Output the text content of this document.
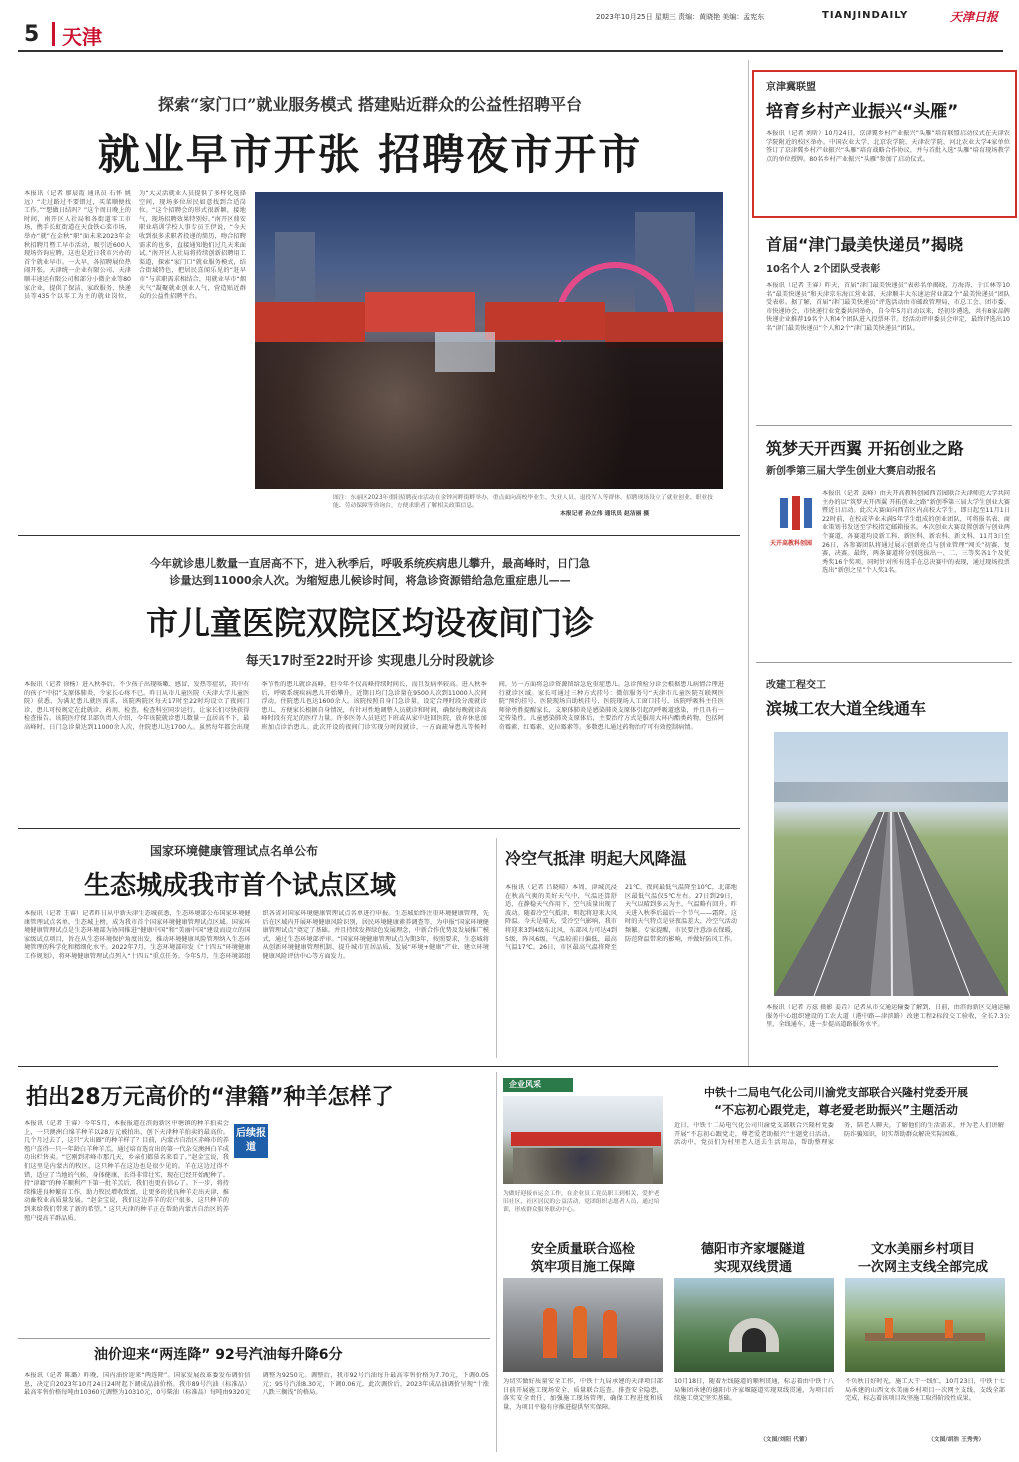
5 天津
2023年10月25日 星期三 责编：黄晓艳 美编：孟宪东	TIANJINDAILY	天津日报
探索“家门口”就业服务模式 搭建贴近群众的公益性招聘平台
就业早市开张 招聘夜市开市
本报讯（记者 廖晨霞 通讯员 石怀 姚远）“走过路过不要错过，买菜顺便找工作。”“想做日结吗？”这个周日晚上的时间，南开区人社局和各街道零工市场，携手长虹街道在天食铁心菜市场，举办“就”在金秋“职”面未来2023年金秋招聘月暨工早市活动，吸引近600人现场咨询应聘。这也是近日我市兴办的首个就业早市。一大早，各招聘展位热闹开张。天津统一企业有限公司、天津顺丰速运有限公司和部分小微企业等80家企业，提供了保洁、家政服务、快递员等435个以零工为主的就业岗位，为“大灵活就业人员提供了多样化选择空间，现场多位居民如意找到合适岗位。“这个招聘会的形式很新颖，接地气，现场招聘效果特别好。”南开区鼎安职业培训学校人事专员王伊说，“今天收到很多求职者投递的简历，吻合招聘需求的也多，直接通知他们过几天来面试。”南开区人社局将持续创新招聘用工渠道，探索“家门口”就业服务模式，结合街域特色，把居民喜闻乐见的“赶早市”与求职需求相结合，用就业早市“烟火气”凝聚就业创业人气，营造贴近群众的公益性招聘平台。
图注：东丽区2023年重阳招聘夜市活动在金钟河畔街畔举办，重点面向高校毕业生、失业人员、退役军人等群体。招聘现场设立了就业创业、职业技能、劳动保障等咨询台，方便求职者了解相关政策信息。
本报记者 孙立伟 通讯员 赵洁丽 摄
今年就诊患儿数量一直居高不下，进入秋季后，呼吸系统疾病患儿攀升，最高峰时，日门急
诊量达到11000余人次。为缩短患儿候诊时间，将急诊资源错给急危重症患儿——
市儿童医院双院区均设夜间门诊
每天17时至22时开诊 实现患儿分时段就诊
本报讯（记者 徐杨）进入秋季后，不少孩子出现咳嗽、感冒、发热等症状，其中有的孩子“中招”支原体肺炎，令家长心疼不已。昨日从市儿童医院（天津大学儿童医院）获悉，为满足患儿就医需求，该院两院区每天17时至22时均设立了夜间门诊，患儿可按规定在此就诊、药剂、检查，检查科室同步运行，让家长们尽快获得检查报告。该院医疗保卫部负责人介绍，今年该院就诊患儿数量一直居高不下，最高峰时，日门急诊量达到11000余人次，住院患儿达1700人。虽然每年都会出现季节性的患儿就诊高峰，但今年不仅高峰持续时间长，而且发病率较高。进入秋季后，呼吸系统疾病患儿开始攀升，近期日均门急诊量在9500人次到11000人次间浮动，住院患儿也达1600余人。该院按照自身门急诊量，设定合理时段分流就诊患儿，方便家长根据自身情况，有针对性地调整人员就诊和时间，确保每晚就诊高峰时段有充足的医疗力量。许多医务人员延迟下班或从家中赶回医院，放弃休息加班加点诊治患儿。此次开设的夜间门诊实现分时段就诊，一方面疏导患儿等候时间，另一方面将急诊资源留给急危重症患儿。急诊预检分诊会根据患儿病情合理进行就诊区域。家长可通过三种方式挂号：微信服务号“天津市儿童医院互联网医院”预约挂号、医院现场自助机挂号、医院现场人工窗口挂号。该院呼吸科主任医师徐勇胜提醒家长，支原体肺炎是感染肺炎支原体引起的呼吸道感染，并且具有一定传染性。儿童感染肺炎支原体后，主要治疗方式是服用大环内酯类药物，包括阿奇霉素、红霉素、克拉霉素等。多数患儿通过药物治疗可有效控制病情。
国家环境健康管理试点名单公布
生态城成我市首个试点区域
本报讯（记者 王睿）记者昨日从中新天津生态城获悉，生态环境部公布国家环境健康管理试点名单，生态城上榜，成为我市首个国家环境健康管理试点区域。国家环境健康管理试点是生态环境部为协同推进“健康中国”和“美丽中国”建设而设立的国家级试点项目，旨在从生态环境保护角度出发，推动环境健康风险管理纳入生态环境管理的科学化和精细化水平。2022年7月，生态环境部印发《“十四五”环境健康工作规划》，将环境健康管理试点列入“十四五”重点任务。今年5月，生态环境部组织各省对国家环境健康管理试点名单进行申报。生态城始终注重环境健康管理，先后在区域内开展环境健康风险识别，居民环境健康素养调查等，为申报“国家环境健康管理试点”奠定了基础。并且持续发挥绿色发展理念，中新合作优势及发展推广模式，通过生态环境部评审。“国家环境健康管理试点为期3年，按照要求，生态城将从创新环境健康管理机制、提升城市宜居品质、发展“环境+健康”产业、建立环境健康风险评估中心等方面发力。
冷空气抵津 明起大风降温
本报讯（记者 吕晓晴）本周，津城沉浸在秋高气爽的美好天气中，气温还算舒适，在静稳天气作用下，空气质量出现了波动。随着冷空气抵津，明起将迎来大风降温。今天是晴天，受冷空气影响，我市将迎来3到4级东北风，东部风力可达4到5级，阵风6级，气温较前日偏低，最高气温17℃。26日，市区最高气温将降至21℃，夜间最低气温降至10℃，北部地区最低气温仅5℃左右。27日到29日，天气以晴到多云为主，气温略有回升。昨天进入秋季后最后一个节气——霜降。这时的天气特点是昼夜温差大，冷空气活动频繁。专家提醒，市民要注意添衣保暖，防范降温带来的影响，并做好防风工作。
拍出28万元高价的“津籍”种羊怎样了
本报讯（记者 王睿）今年5月，本报报道在滨海新区中塘镇的种羊拍卖会上，一只澳洲白绵羊种羊以28万元被拍出，创下天津种羊拍卖的最高价。几个月过去了，这只“大出圈”的种羊样了？目前，内蒙古自治区赤峰市的养殖户喜得一只一年龄白羊种羊羔，通过培育选育出的第一代杂交澳洲白羊成功出栏售卖。“它刚到赤峰市那几天，乡亲们都慕名来看了。”赵金宝说，我们这里是内蒙古的牧区，这只种羊在这边也是很少见的。羊在这边过得不错，适应了当地的气候，身体健康，长得非常壮实，现在已经开始配种了。持“津籍”的种羊顺利产下第一批羊羔后，我们也更有信心了。下一步，将持续推进良种繁育工作，助力牧民增收致富，让更多的优良种羊走出天津，推动畜牧业高质量发展。“赵金宝说，我们这边养羊的农户很多，这只种羊的到来给我们带来了新的希望。” 这只天津的种羊正在帮助内蒙古自治区的养殖户提高羊群品质。
后续报道
油价迎来“两连降” 92号汽油每升降6分
本报讯（记者 陈璐）昨晚，国内油价迎来“两连降”。国家发展改革委发布调价信息，决定自2023年10月24日24时起下调成品油价格。我市89号汽油（标准品）最高零售价格每吨由10360元调整为10310元，0号柴油（标准品）每吨由9320元调整为9250元。调整后，我市92号汽油每升最高零售价格为7.70元，下调0.05元；95号汽油8.30元，下调0.06元。此次调价后，2023年成品油调价呈现“十涨八跌三搁浅”的格局。
企业风采
为做好迎接市运会工作，在企业员工党员职工到相关、爱护老旧社区、社区居民的公益活动，党团组织志愿者人员，通过培训，形成群众服务联动中心。
安全质量联合巡检
筑牢项目施工保障
为切实做好质量安全工作，中铁十九局承建的天津项目部日前开展施工现场安全、质量联合巡查，排查安全隐患，落实安全责任，加强施工现场管理，确保工程进度和质量，为项目平稳有序推进提供坚实保障。
中铁十二局电气化公司川渝党支部联合兴隆村党委开展
“不忘初心跟党走，尊老爱老助振兴”主题活动
近日，中铁十二局电气化公司川渝党支部联合兴隆村党委开展“不忘初心跟党走，尊老爱老助振兴”主题党日活动。活动中，党员们为村里老人送去生活用品，帮助整理家务，陪老人聊天，了解他们的生活需求，并为老人们讲解防诈骗知识，切实帮助群众解决实际困难。
德阳市齐家堰隧道
实现双线贯通
10月18日，随着左线隧道的顺利贯通，标志着由中铁十八局集团承建的德阳市齐家堰隧道实现双线贯通，为项目后续施工奠定坚实基础。
（文图/刘阳 代蕾）
文水美丽乡村项目
一次网主支线全部完成
不负秋日好时光，施工大干一线忙。10月23日，中铁十七局承建的山西文水美丽乡村项目一次网主支线、支线全部完成，标志着该项目攻坚施工取得阶段性成果。
（文图/胡浩 王秀秀）
京津冀联盟
培育乡村产业振兴“头雁”
本报讯（记者 刘昕）10月24日，京津冀乡村产业振兴“头雁”培育联盟启动仪式在天津农学院附近的校区举办。中国农业大学、北京农学院、天津农学院、河北农业大学4家单位签订了京津冀乡村产业振兴“头雁”培育战略合作协议，并与首批入选“头雁”培育现场教学点的单位授牌。80名乡村产业振兴“头雁”参加了启动仪式。
首届“津门最美快递员”揭晓
10名个人 2个团队受表彰
本报讯（记者 王睿）昨天，首届“津门最美快递员”表彰名单揭晓，万海涛、于江林等10名“最美快递员”和天津京东海江营业部、天津顺丰大东速运营业部2个“最美快递员”团队受表彰。据了解，首届“津门最美快递员”评选活动由市邮政管理局、市总工会、团市委、市快递协会、市快递行业党委共同举办，自今年5月启动以来，经初步遴选，共有8家品牌快递企业推荐19名个人和4个团队进入投票环节。经活动评审委员会审定，最终评选出10名“津门最美快递员”个人和2个“津门最美快递员”团队。
筑梦天开西翼 开拓创业之路
新创季第三届大学生创业大赛启动报名
天开高教科创园
本报讯（记者 姜峰）由天开高教科创园西青园联合天津师范大学共同主办的以“筑梦天开西翼 开拓创业之路”新创季第三届大学生创业大赛暨近日启动。此次大赛面向西青区内高校大学生，即日起至11月1日22时前，在校或毕业未满5年学生组成的创业团队，可将报名表、商业策划书发送至学校指定邮箱报名。本次创业大赛设置创新与创业两个赛道，各赛道均设新工科、新医科、新农科、新文科，11月3日至26日，各参赛团队将通过展示创新亮点与创业管理“闯关”初赛、复赛，决赛。最终，两条赛道将分别选拔出一、二、三等奖各1个及优秀奖16个奖项，同时针对所有选手在总决赛中的表现，通过现场投票选出“新创之星”个人奖1名。
改建工程交工
滨城工农大道全线通车
本报讯（记者 方兹 摄影 姜垚）记者从市交通运输委了解到，日前，由滨海新区交通运输服务中心组织建设的工农大道（港中路—津滨路）改建工程2标段交工验收，全长7.3公里，全线通车，进一步提高道路服务水平。
